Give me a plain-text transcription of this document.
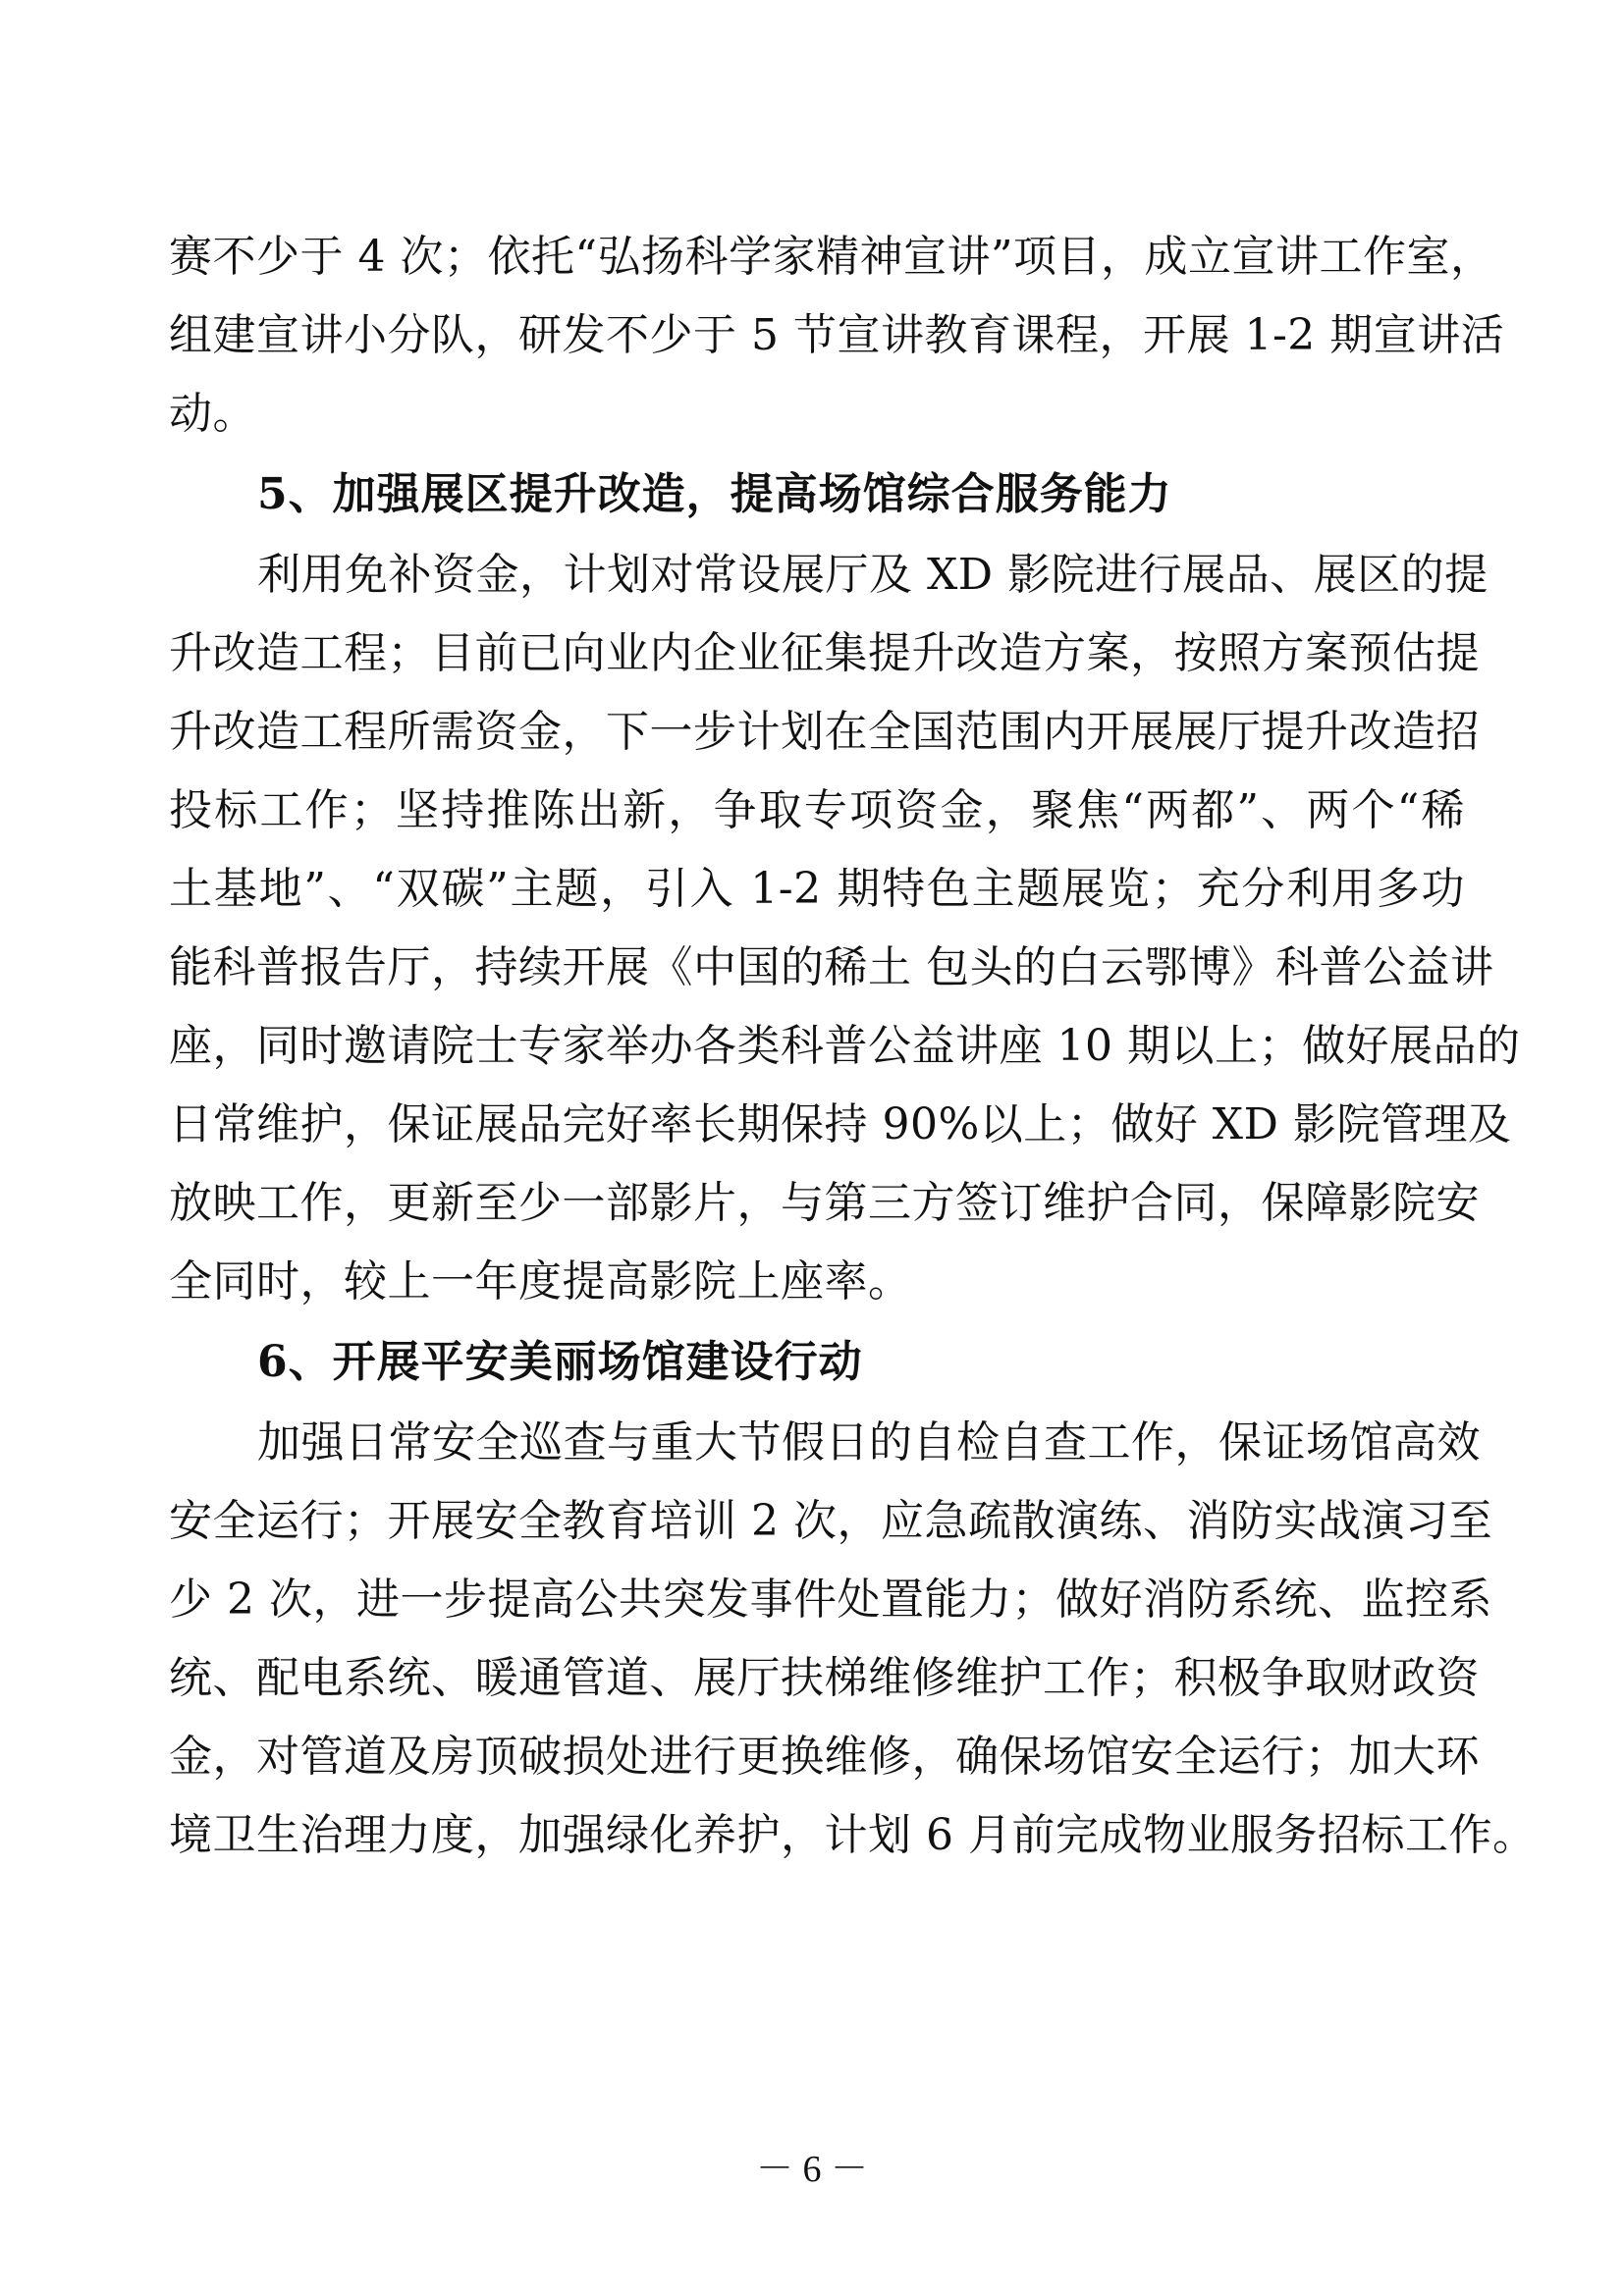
赛不少于 4 次；依托“弘扬科学家精神宣讲”项目，成立宣讲工作室，
组建宣讲小分队，研发不少于 5 节宣讲教育课程，开展 1-2 期宣讲活
动。
5、加强展区提升改造，提高场馆综合服务能力
利用免补资金，计划对常设展厅及 XD 影院进行展品、展区的提
升改造工程；目前已向业内企业征集提升改造方案，按照方案预估提
升改造工程所需资金，下一步计划在全国范围内开展展厅提升改造招
投标工作；坚持推陈出新，争取专项资金，聚焦“两都”、两个“稀
土基地”、“双碳”主题，引入 1-2 期特色主题展览；充分利用多功
能科普报告厅，持续开展《中国的稀土 包头的白云鄂博》科普公益讲
座，同时邀请院士专家举办各类科普公益讲座 10 期以上；做好展品的
日常维护，保证展品完好率长期保持 90%以上；做好 XD 影院管理及
放映工作，更新至少一部影片，与第三方签订维护合同，保障影院安
全同时，较上一年度提高影院上座率。
6、开展平安美丽场馆建设行动
加强日常安全巡查与重大节假日的自检自查工作，保证场馆高效
安全运行；开展安全教育培训 2 次，应急疏散演练、消防实战演习至
少 2 次，进一步提高公共突发事件处置能力；做好消防系统、监控系
统、配电系统、暖通管道、展厅扶梯维修维护工作；积极争取财政资
金，对管道及房顶破损处进行更换维修，确保场馆安全运行；加大环
境卫生治理力度，加强绿化养护，计划 6 月前完成物业服务招标工作。
－ 6 －
